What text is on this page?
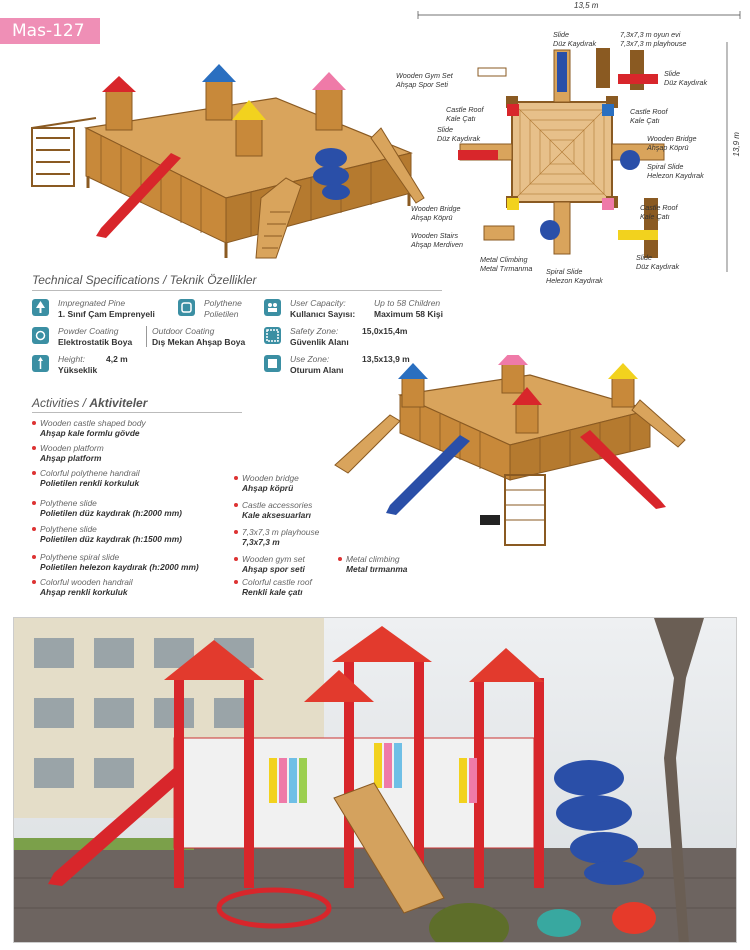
Mas-127
13,5 m
13,9 m
7,3x7,3 m oyun evi
7,3x7,3 m playhouse
Slide
Düz Kaydırak
Wooden Gym Set
Ahşap Spor Seti
Slide
Düz Kaydırak
Castle Roof
Kale Çatı
Castle Roof
Kale Çatı
Slide
Düz Kaydırak	Wooden Bridge
Ahşap Köprü
Spiral Slide
Helezon Kaydırak
Castle Roof
Kale Çatı
Wooden Bridge
Ahşap Köprü
Wooden Stairs
Ahşap Merdiven
Metal Climbing
Metal Tırmanma Spiral Slide
Helezon Kaydırak
Slide
Düz Kaydırak
Technical Specifications / Teknik Özellikler
Impregnated Pine
1. Sınıf Çam Emprenyeli
Polythene
Polietilen
Powder Coating
Elektrostatik Boya
Outdoor Coating
Dış Mekan Ahşap Boya
Height:
Yükseklik
4,2 m
User Capacity:
Kullanıcı Sayısı:
Up to 58 Children
Maximum 58 Kişi
Safety Zone:
Güvenlik Alanı
15,0x15,4m
Use Zone:
Oturum Alanı
13,5x13,9 m
Activities / Aktiviteler
Wooden castle shaped body
Ahşap kale formlu gövde
Wooden platform
Ahşap platform
Colorful polythene handrail
Polietilen renkli korkuluk
Polythene slide
Polietilen düz kaydırak (h:2000 mm)
Polythene slide
Polietilen düz kaydırak (h:1500 mm)
Polythene spiral slide
Polietilen helezon kaydırak (h:2000 mm)
Colorful wooden handrail
Ahşap renkli korkuluk
Wooden bridge
Ahşap köprü
Castle accessories
Kale aksesuarları
7,3x7,3 m playhouse
7,3x7,3 m
Wooden gym set
Ahşap spor seti
Colorful castle roof
Renkli kale çatı
Metal climbing
Metal tırmanma
